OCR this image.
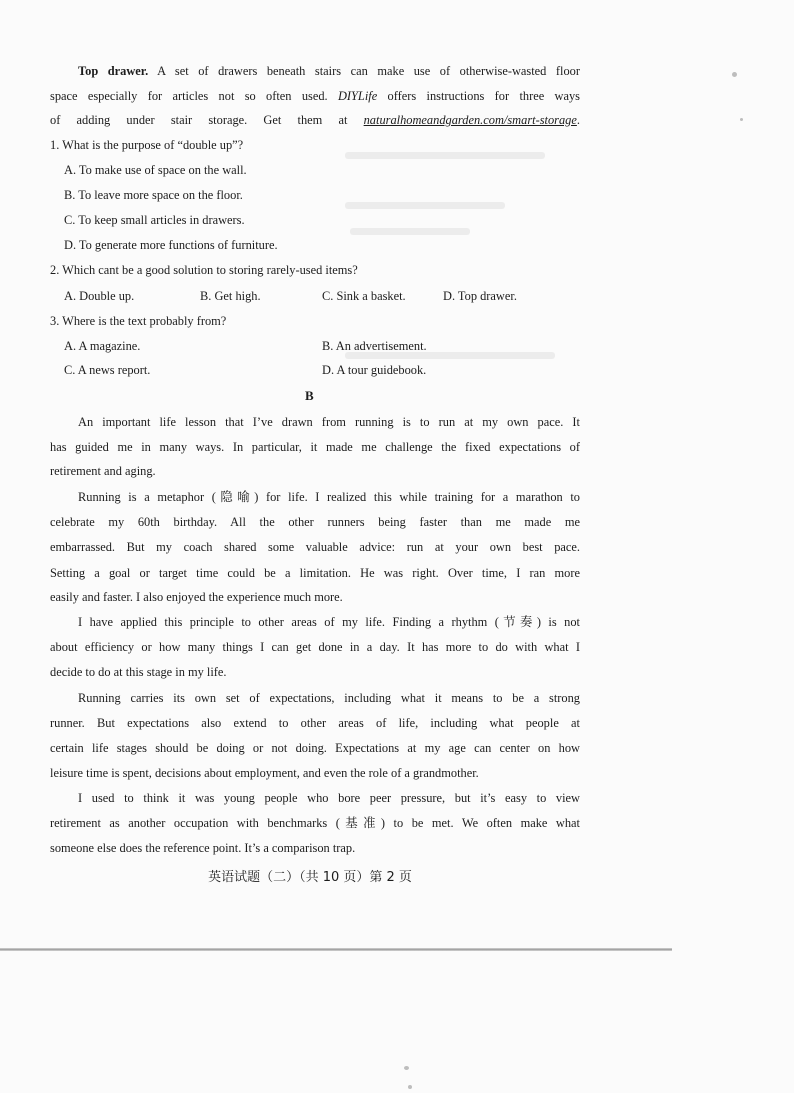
Top drawer. A set of drawers beneath stairs can make use of otherwise-wasted floor
space especially for articles not so often used. DIYLife offers instructions for three ways
of adding under stair storage. Get them at naturalhomeandgarden.com/smart-storage.
1. What is the purpose of “double up”?
A. To make use of space on the wall.
B. To leave more space on the floor.
C. To keep small articles in drawers.
D. To generate more functions of furniture.
2. Which cant be a good solution to storing rarely-used items?
A. Double up.	B. Get high.	C. Sink a basket.	D. Top drawer.
3. Where is the text probably from?
A. A magazine.	B. An advertisement.
C. A news report.	D. A tour guidebook.
B
An important life lesson that I’ve drawn from running is to run at my own pace. It
has guided me in many ways. In particular, it made me challenge the fixed expectations of
retirement and aging.
Running is a metaphor (隐喻) for life. I realized this while training for a marathon to
celebrate my 60th birthday. All the other runners being faster than me made me
embarrassed. But my coach shared some valuable advice: run at your own best pace.
Setting a goal or target time could be a limitation. He was right. Over time, I ran more
easily and faster. I also enjoyed the experience much more.
I have applied this principle to other areas of my life. Finding a rhythm (节奏) is not
about efficiency or how many things I can get done in a day. It has more to do with what I
decide to do at this stage in my life.
Running carries its own set of expectations, including what it means to be a strong
runner. But expectations also extend to other areas of life, including what people at
certain life stages should be doing or not doing. Expectations at my age can center on how
leisure time is spent, decisions about employment, and even the role of a grandmother.
I used to think it was young people who bore peer pressure, but it’s easy to view
retirement as another occupation with benchmarks (基准) to be met. We often make what
someone else does the reference point. It’s a comparison trap.
英语试题（二）（共 10 页）第 2 页
